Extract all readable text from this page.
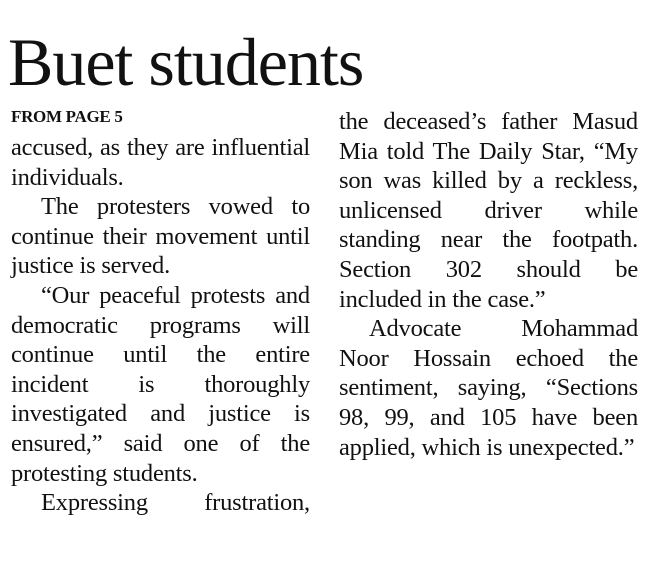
Buet students
FROM PAGE 5

accused, as they are influential individuals.

The protesters vowed to continue their movement until justice is served.

“Our peaceful protests and democratic programs will continue until the entire incident is thoroughly investigated and justice is ensured,” said one of the protesting students.

Expressing frustration,

the deceased’s father Masud Mia told The Daily Star, “My son was killed by a reckless, unlicensed driver while standing near the footpath. Section 302 should be included in the case.”

Advocate Mohammad Noor Hossain echoed the sentiment, saying, “Sections 98, 99, and 105 have been applied, which is unexpected.”
